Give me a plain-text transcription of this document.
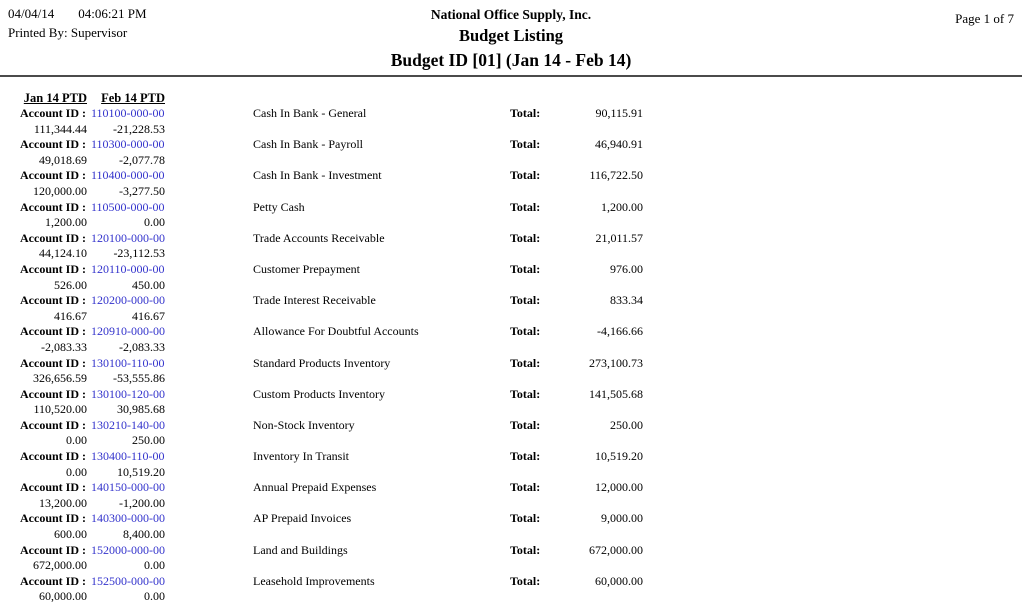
04/04/14 04:06:21 PM
Printed By: Supervisor
National Office Supply, Inc.
Budget Listing
Budget ID [01] (Jan 14 - Feb 14)
Page 1 of 7
Jan 14 PTD Feb 14 PTD
Account ID : 110100-000-00
111,344.44 -21,228.53
Cash In Bank - General	Total:	90,115.91
Account ID : 110300-000-00
49,018.69	-2,077.78
Cash In Bank - Payroll	Total:	46,940.91
Account ID : 110400-000-00
120,000.00	-3,277.50
Cash In Bank - Investment	Total:	116,722.50
Account ID : 110500-000-00
1,200.00	0.00
Petty Cash	Total:	1,200.00
Account ID : 120100-000-00
44,124.10 -23,112.53
Trade Accounts Receivable	Total:	21,011.57
Account ID : 120110-000-00
526.00	450.00
Customer Prepayment	Total:	976.00
Account ID : 120200-000-00
416.67	416.67
Trade Interest Receivable	Total:	833.34
Account ID : 120910-000-00
-2,083.33	-2,083.33
Allowance For Doubtful Accounts	Total:	-4,166.66
Account ID : 130100-110-00
326,656.59 -53,555.86
Standard Products Inventory	Total:	273,100.73
Account ID : 130100-120-00
110,520.00	30,985.68
Custom Products Inventory	Total:	141,505.68
Account ID : 130210-140-00
0.00	250.00
Non-Stock Inventory	Total:	250.00
Account ID : 130400-110-00
0.00	10,519.20
Inventory In Transit	Total:	10,519.20
Account ID : 140150-000-00
13,200.00	-1,200.00
Annual Prepaid Expenses	Total:	12,000.00
Account ID : 140300-000-00
600.00	8,400.00
AP Prepaid Invoices	Total:	9,000.00
Account ID : 152000-000-00
672,000.00	0.00
Land and Buildings	Total:	672,000.00
Account ID : 152500-000-00
60,000.00	0.00
Leasehold Improvements	Total:	60,000.00
